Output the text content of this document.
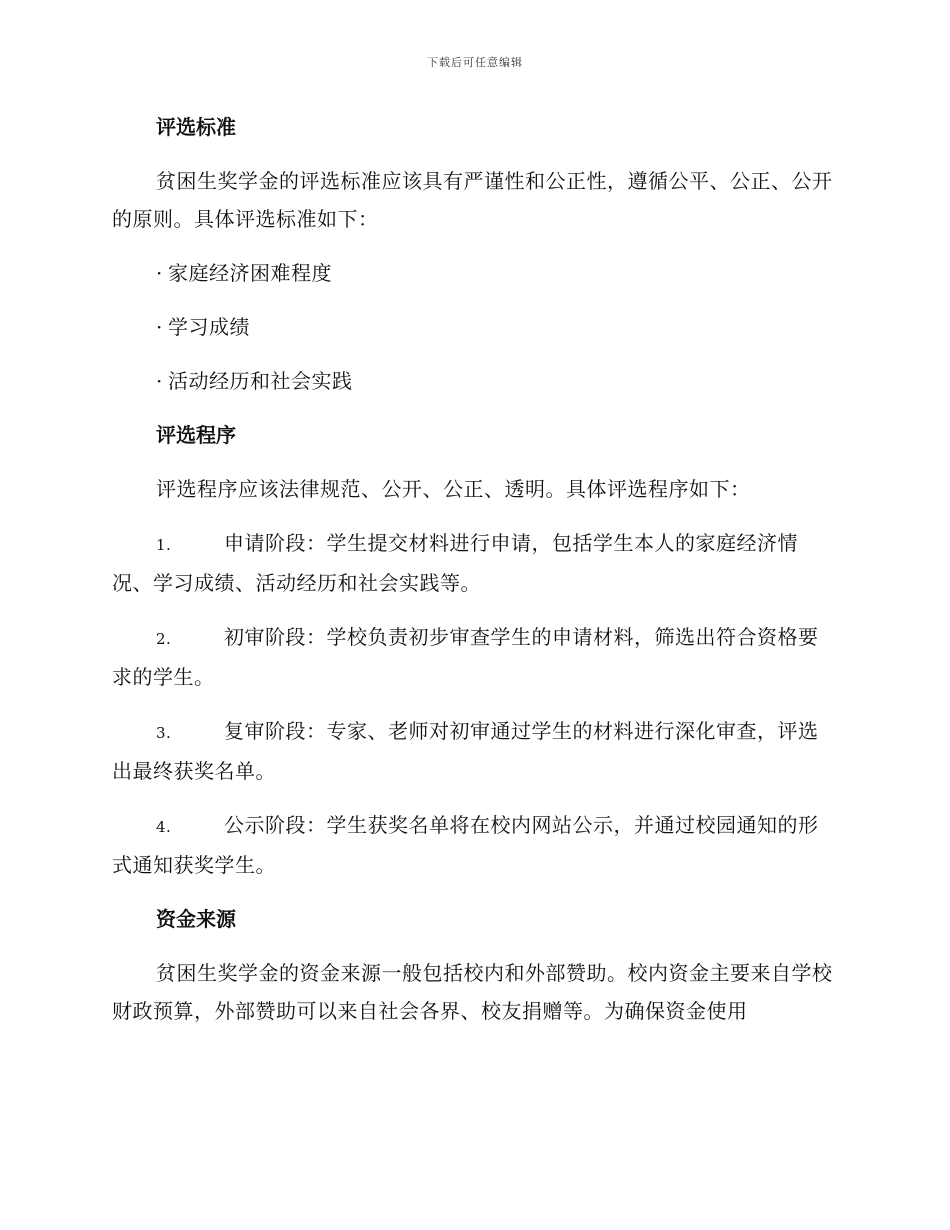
下载后可任意编辑
评选标准

贫困生奖学金的评选标准应该具有严谨性和公正性，遵循公平、公正、公开的原则。具体评选标准如下：

· 家庭经济困难程度
· 学习成绩
· 活动经历和社会实践
评选程序

评选程序应该法律规范、公开、公正、透明。具体评选程序如下：

1.	申请阶段：学生提交材料进行申请，包括学生本人的家庭经济情况、学习成绩、活动经历和社会实践等。

2.	初审阶段：学校负责初步审查学生的申请材料，筛选出符合资格要求的学生。

3.	复审阶段：专家、老师对初审通过学生的材料进行深化审查，评选出最终获奖名单。

4.	公示阶段：学生获奖名单将在校内网站公示，并通过校园通知的形式通知获奖学生。

资金来源

贫困生奖学金的资金来源一般包括校内和外部赞助。校内资金主要来自学校财政预算，外部赞助可以来自社会各界、校友捐赠等。为确保资金使用
